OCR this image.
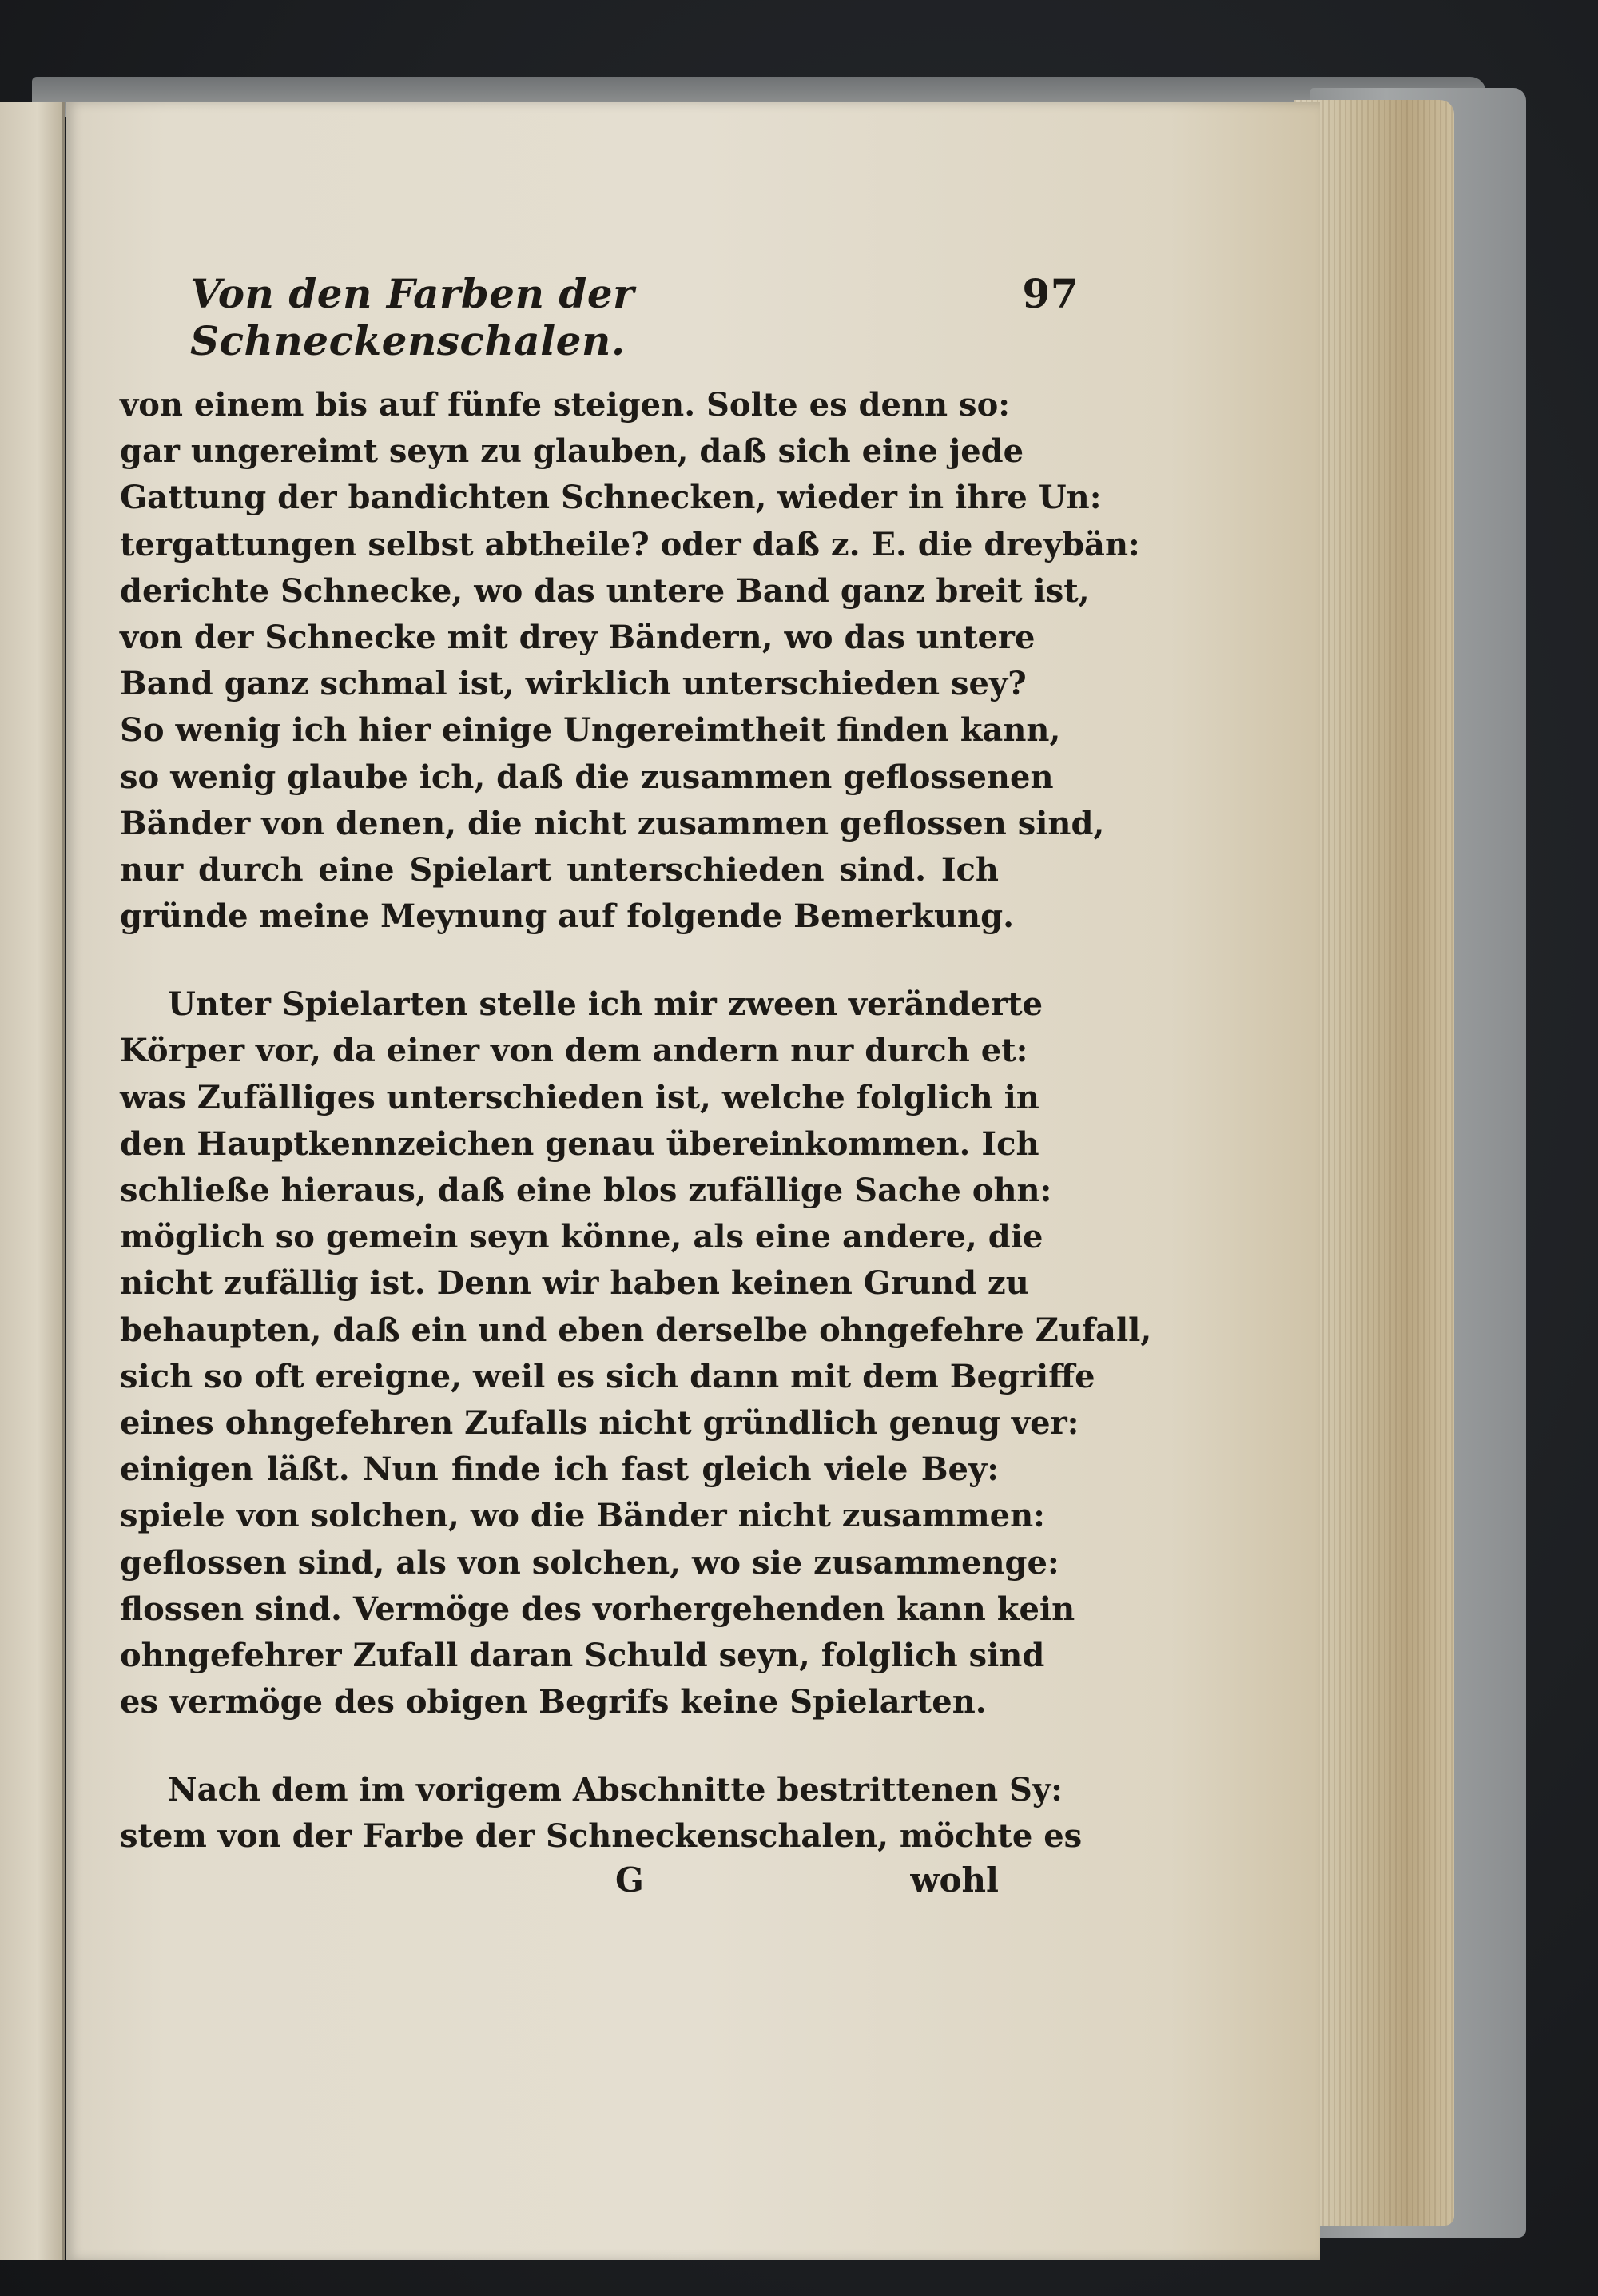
Von den Farben der Schneckenschalen.
97
von einem bis auf fünfe steigen. Solte es denn so:
gar ungereimt seyn zu glauben, daß sich eine jede
Gattung der bandichten Schnecken, wieder in ihre Un:
tergattungen selbst abtheile? oder daß z. E. die dreybän:
derichte Schnecke, wo das untere Band ganz breit ist,
von der Schnecke mit drey Bändern, wo das untere
Band ganz schmal ist, wirklich unterschieden sey?
So wenig ich hier einige Ungereimtheit finden kann,
so wenig glaube ich, daß die zusammen geflossenen
Bänder von denen, die nicht zusammen geflossen sind,
nur durch eine Spielart unterschieden sind. Ich
gründe meine Meynung auf folgende Bemerkung.
Unter Spielarten stelle ich mir zween veränderte
Körper vor, da einer von dem andern nur durch et:
was Zufälliges unterschieden ist, welche folglich in
den Hauptkennzeichen genau übereinkommen. Ich
schließe hieraus, daß eine blos zufällige Sache ohn:
möglich so gemein seyn könne, als eine andere, die
nicht zufällig ist. Denn wir haben keinen Grund zu
behaupten, daß ein und eben derselbe ohngefehre Zufall,
sich so oft ereigne, weil es sich dann mit dem Begriffe
eines ohngefehren Zufalls nicht gründlich genug ver:
einigen läßt. Nun finde ich fast gleich viele Bey:
spiele von solchen, wo die Bänder nicht zusammen:
geflossen sind, als von solchen, wo sie zusammenge:
flossen sind. Vermöge des vorhergehenden kann kein
ohngefehrer Zufall daran Schuld seyn, folglich sind
es vermöge des obigen Begrifs keine Spielarten.
Nach dem im vorigem Abschnitte bestrittenen Sy:
stem von der Farbe der Schneckenschalen, möchte es
G	wohl
